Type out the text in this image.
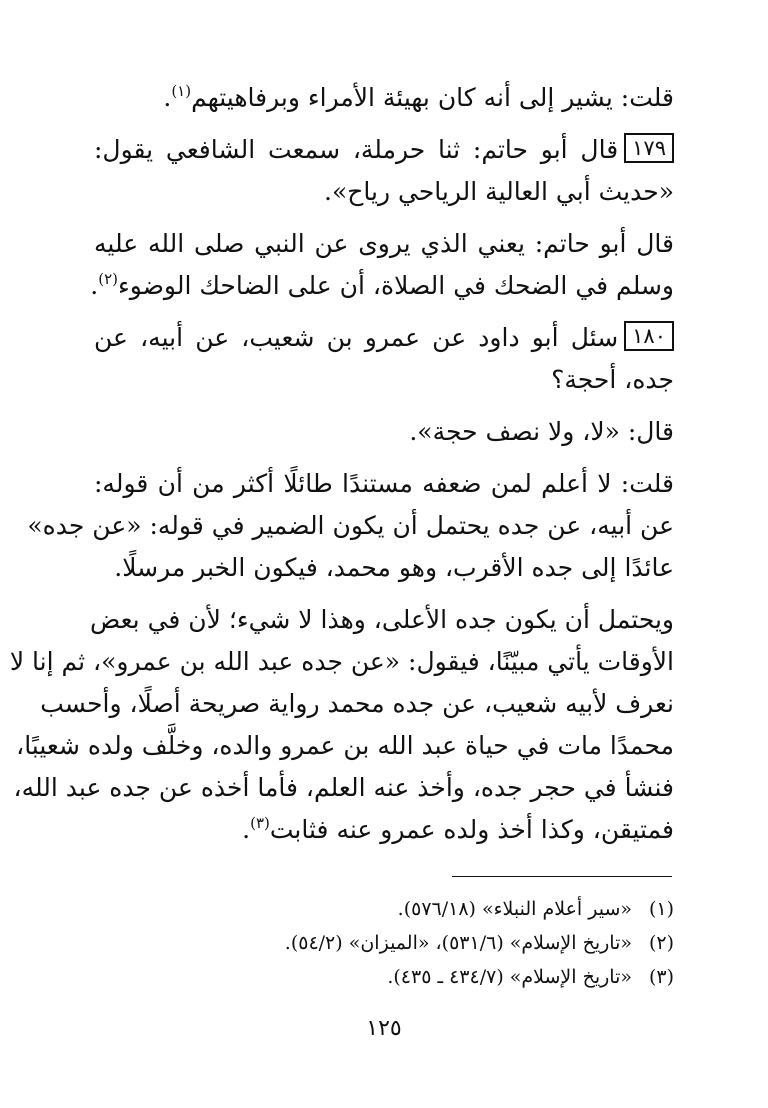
قلت: يشير إلى أنه كان بهيئة الأمراء وبرفاهيتهم$^{(١)}$.
١٧٩قال أبو حاتم: ثنا حرملة، سمعت الشافعي يقول:
«حديث أبي العالية الرياحي رياح».
قال أبو حاتم: يعني الذي يروى عن النبي صلى الله عليه
وسلم في الضحك في الصلاة، أن على الضاحك الوضوء$^{(٢)}$.
١٨٠سئل أبو داود عن عمرو بن شعيب، عن أبيه، عن
جده، أحجة؟
قال: «لا، ولا نصف حجة».
قلت: لا أعلم لمن ضعفه مستندًا طائلًا أكثر من أن قوله:
عن أبيه، عن جده يحتمل أن يكون الضمير في قوله: «عن جده»
عائدًا إلى جده الأقرب، وهو محمد، فيكون الخبر مرسلًا.
ويحتمل أن يكون جده الأعلى، وهذا لا شيء؛ لأن في بعض
الأوقات يأتي مبيّنًا، فيقول: «عن جده عبد الله بن عمرو»، ثم إنا لا
نعرف لأبيه شعيب، عن جده محمد رواية صريحة أصلًا، وأحسب
محمدًا مات في حياة عبد الله بن عمرو والده، وخلَّف ولده شعيبًا،
فنشأ في حجر جده، وأخذ عنه العلم، فأما أخذه عن جده عبد الله،
فمتيقن، وكذا أخذ ولده عمرو عنه فثابت$^{(٣)}$.
(١)«سير أعلام النبلاء» (٥٧٦/١٨).
(٢)«تاريخ الإسلام» (٥٣١/٦)، «الميزان» (٥٤/٢).
(٣)«تاريخ الإسلام» (٤٣٤/٧ ـ ٤٣٥).
١٢٥
